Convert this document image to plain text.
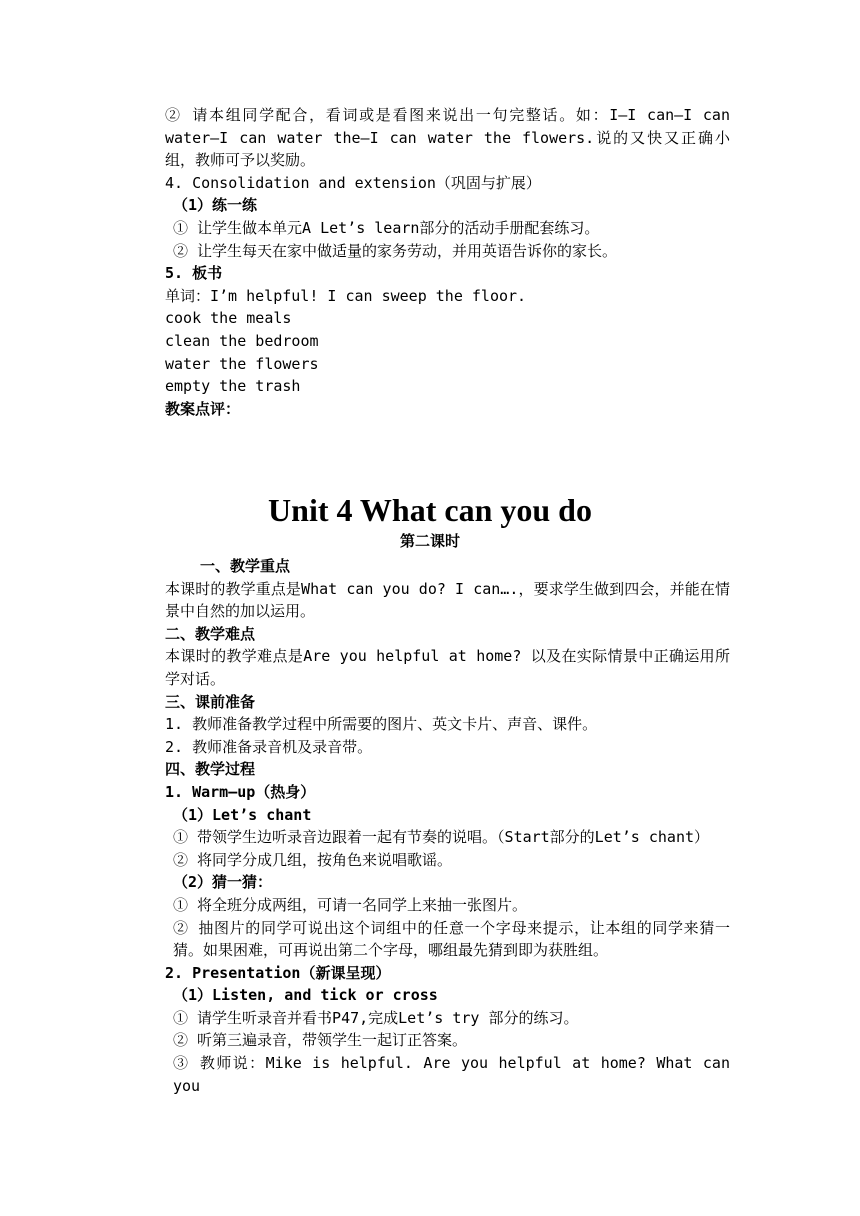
② 请本组同学配合，看词或是看图来说出一句完整话。如：I—I can—I can water—I can water the—I can water the flowers.说的又快又正确小组，教师可予以奖励。

4. Consolidation and extension（巩固与扩展）

（1）练一练

① 让学生做本单元A Let’s learn部分的活动手册配套练习。

② 让学生每天在家中做适量的家务劳动，并用英语告诉你的家长。

5. 板书

单词：I’m helpful! I can sweep the floor.

cook the meals

clean the bedroom

water the flowers

empty the trash

教案点评：

Unit 4 What can you do

第二课时

一、教学重点

本课时的教学重点是What can you do? I can….，要求学生做到四会，并能在情景中自然的加以运用。

二、教学难点

本课时的教学难点是Are you helpful at home? 以及在实际情景中正确运用所学对话。

三、课前准备

1. 教师准备教学过程中所需要的图片、英文卡片、声音、课件。

2. 教师准备录音机及录音带。

四、教学过程

1. Warm—up（热身）

（1）Let’s chant

① 带领学生边听录音边跟着一起有节奏的说唱。（Start部分的Let’s chant）

② 将同学分成几组，按角色来说唱歌谣。

（2）猜一猜：

① 将全班分成两组，可请一名同学上来抽一张图片。

② 抽图片的同学可说出这个词组中的任意一个字母来提示，让本组的同学来猜一猜。如果困难，可再说出第二个字母，哪组最先猜到即为获胜组。

2. Presentation（新课呈现）

（1）Listen, and tick or cross

① 请学生听录音并看书P47,完成Let’s try 部分的练习。

② 听第三遍录音，带领学生一起订正答案。

③ 教师说：Mike is helpful. Are you helpful at home? What can you
